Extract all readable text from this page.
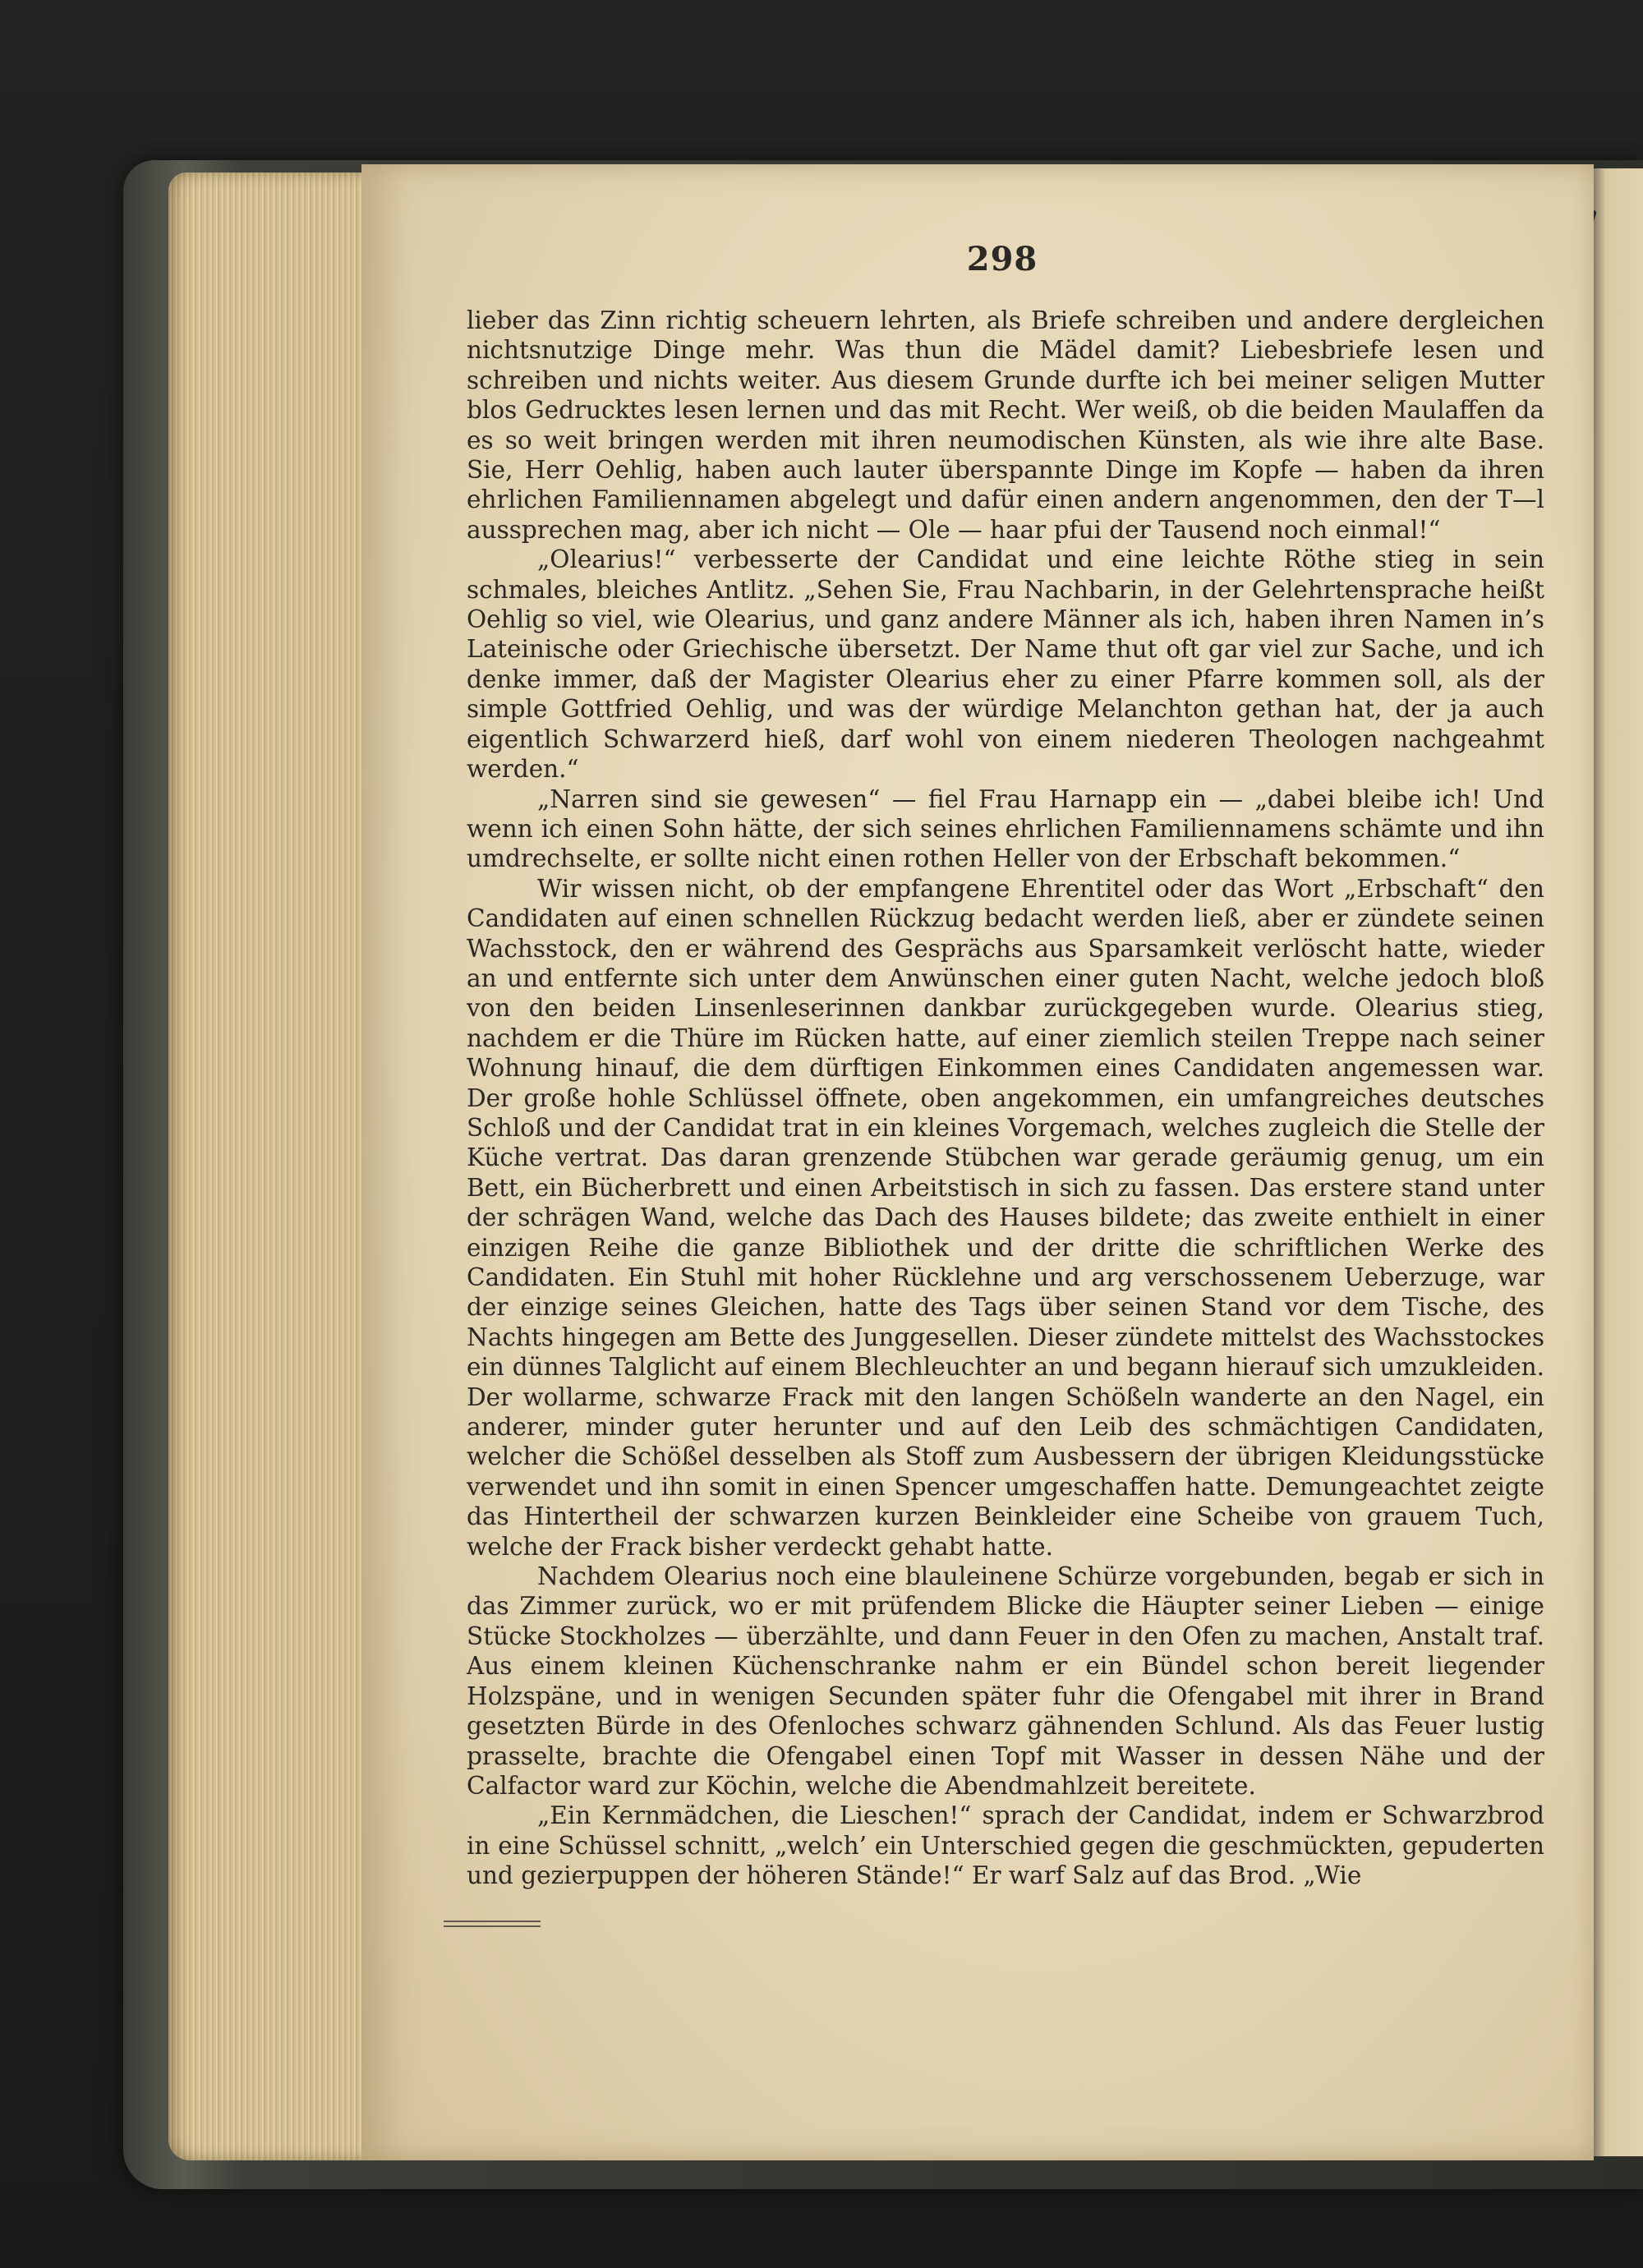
298

lieber das Zinn richtig scheuern lehrten, als Briefe schreiben und andere dergleichen nichtsnutzige Dinge mehr. Was thun die Mädel damit? Liebesbriefe lesen und schreiben und nichts weiter. Aus diesem Grunde durfte ich bei meiner seligen Mutter blos Gedrucktes lesen lernen und das mit Recht. Wer weiß, ob die beiden Maulaffen da es so weit bringen werden mit ihren neumodischen Künsten, als wie ihre alte Base. Sie, Herr Oehlig, haben auch lauter überspannte Dinge im Kopfe — haben da ihren ehrlichen Familiennamen abgelegt und dafür einen andern angenommen, den der T—l aussprechen mag, aber ich nicht — Ole — haar pfui der Tausend noch einmal!“

„Olearius!“ verbesserte der Candidat und eine leichte Röthe stieg in sein schmales, bleiches Antlitz. „Sehen Sie, Frau Nachbarin, in der Gelehrtensprache heißt Oehlig so viel, wie Olearius, und ganz andere Männer als ich, haben ihren Namen in’s Lateinische oder Griechische übersetzt. Der Name thut oft gar viel zur Sache, und ich denke immer, daß der Magister Olearius eher zu einer Pfarre kommen soll, als der simple Gottfried Oehlig, und was der würdige Melanchton gethan hat, der ja auch eigentlich Schwarzerd hieß, darf wohl von einem niederen Theologen nachgeahmt werden.“

„Narren sind sie gewesen“ — fiel Frau Harnapp ein — „dabei bleibe ich! Und wenn ich einen Sohn hätte, der sich seines ehrlichen Familiennamens schämte und ihn umdrechselte, er sollte nicht einen rothen Heller von der Erbschaft bekommen.“

Wir wissen nicht, ob der empfangene Ehrentitel oder das Wort „Erbschaft“ den Candidaten auf einen schnellen Rückzug bedacht werden ließ, aber er zündete seinen Wachsstock, den er während des Gesprächs aus Sparsamkeit verlöscht hatte, wieder an und entfernte sich unter dem Anwünschen einer guten Nacht, welche jedoch bloß von den beiden Linsenleserinnen dankbar zurückgegeben wurde. Olearius stieg, nachdem er die Thüre im Rücken hatte, auf einer ziemlich steilen Treppe nach seiner Wohnung hinauf, die dem dürftigen Einkommen eines Candidaten angemessen war. Der große hohle Schlüssel öffnete, oben angekommen, ein umfangreiches deutsches Schloß und der Candidat trat in ein kleines Vorgemach, welches zugleich die Stelle der Küche vertrat. Das daran grenzende Stübchen war gerade geräumig genug, um ein Bett, ein Bücherbrett und einen Arbeitstisch in sich zu fassen. Das erstere stand unter der schrägen Wand, welche das Dach des Hauses bildete; das zweite enthielt in einer einzigen Reihe die ganze Bibliothek und der dritte die schriftlichen Werke des Candidaten. Ein Stuhl mit hoher Rücklehne und arg verschossenem Ueberzuge, war der einzige seines Gleichen, hatte des Tags über seinen Stand vor dem Tische, des Nachts hingegen am Bette des Junggesellen. Dieser zündete mittelst des Wachsstockes ein dünnes Talglicht auf einem Blechleuchter an und begann hierauf sich umzukleiden. Der wollarme, schwarze Frack mit den langen Schößeln wanderte an den Nagel, ein anderer, minder guter herunter und auf den Leib des schmächtigen Candidaten, welcher die Schößel desselben als Stoff zum Ausbessern der übrigen Kleidungsstücke verwendet und ihn somit in einen Spencer umgeschaffen hatte. Demungeachtet zeigte das Hintertheil der schwarzen kurzen Beinkleider eine Scheibe von grauem Tuch, welche der Frack bisher verdeckt gehabt hatte.

Nachdem Olearius noch eine blauleinene Schürze vorgebunden, begab er sich in das Zimmer zurück, wo er mit prüfendem Blicke die Häupter seiner Lieben — einige Stücke Stockholzes — überzählte, und dann Feuer in den Ofen zu machen, Anstalt traf. Aus einem kleinen Küchenschranke nahm er ein Bündel schon bereit liegender Holzspäne, und in wenigen Secunden später fuhr die Ofengabel mit ihrer in Brand gesetzten Bürde in des Ofenloches schwarz gähnenden Schlund. Als das Feuer lustig prasselte, brachte die Ofengabel einen Topf mit Wasser in dessen Nähe und der Calfactor ward zur Köchin, welche die Abendmahlzeit bereitete.

„Ein Kernmädchen, die Lieschen!“ sprach der Candidat, indem er Schwarzbrod in eine Schüssel schnitt, „welch’ ein Unterschied gegen die geschmückten, gepuderten und gezierpuppen der höheren Stände!“ Er warf Salz auf das Brod. „Wie
